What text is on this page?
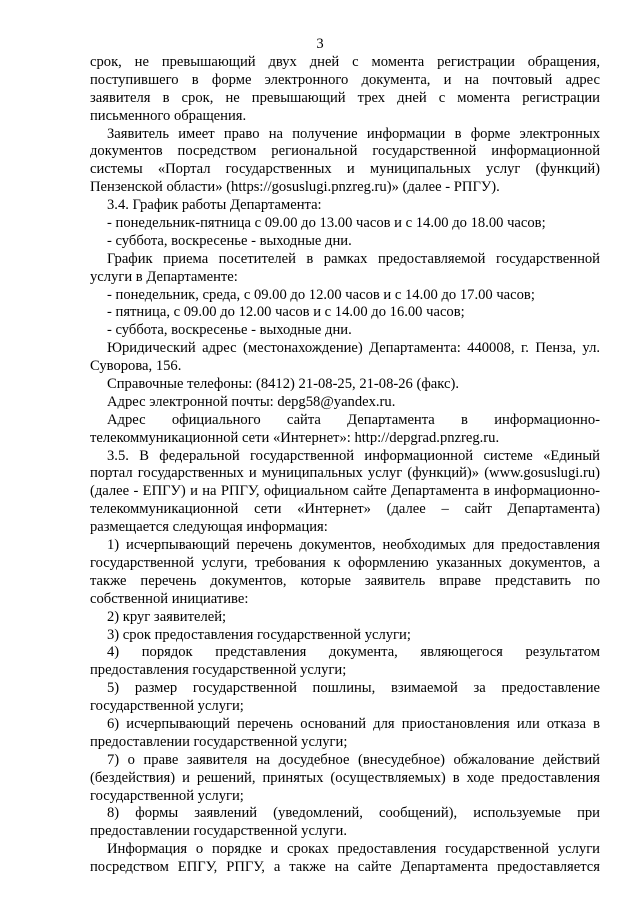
3
срок, не превышающий двух дней с момента регистрации обращения,
поступившего в форме электронного документа, и на почтовый адрес
заявителя в срок, не превышающий трех дней с момента регистрации
письменного обращения.
Заявитель имеет право на получение информации в форме электронных
документов посредством региональной государственной информационной
системы «Портал государственных и муниципальных услуг (функций)
Пензенской области» (https://gosuslugi.pnzreg.ru)» (далее - РПГУ).
3.4. График работы Департамента:
- понедельник-пятница с 09.00 до 13.00 часов и с 14.00 до 18.00 часов;
- суббота, воскресенье - выходные дни.
График приема посетителей в рамках предоставляемой государственной
услуги в Департаменте:
- понедельник, среда, с 09.00 до 12.00 часов и с 14.00 до 17.00 часов;
- пятница, с 09.00 до 12.00 часов и с 14.00 до 16.00 часов;
- суббота, воскресенье - выходные дни.
Юридический адрес (местонахождение) Департамента: 440008, г. Пенза, ул.
Суворова, 156.
Справочные телефоны: (8412) 21-08-25, 21-08-26 (факс).
Адрес электронной почты: depg58@yandex.ru.
Адрес официального сайта Департамента в информационно-
телекоммуникационной сети «Интернет»: http://depgrad.pnzreg.ru.
3.5. В федеральной государственной информационной системе «Единый
портал государственных и муниципальных услуг (функций)» (www.gosuslugi.ru)
(далее - ЕПГУ) и на РПГУ, официальном сайте Департамента в информационно-
телекоммуникационной сети «Интернет» (далее – сайт Департамента)
размещается следующая информация:
1) исчерпывающий перечень документов, необходимых для предоставления
государственной услуги, требования к оформлению указанных документов, а
также перечень документов, которые заявитель вправе представить по
собственной инициативе:
2) круг заявителей;
3) срок предоставления государственной услуги;
4) порядок представления документа, являющегося результатом
предоставления государственной услуги;
5) размер государственной пошлины, взимаемой за предоставление
государственной услуги;
6) исчерпывающий перечень оснований для приостановления или отказа в
предоставлении государственной услуги;
7) о праве заявителя на досудебное (внесудебное) обжалование действий
(бездействия) и решений, принятых (осуществляемых) в ходе предоставления
государственной услуги;
8) формы заявлений (уведомлений, сообщений), используемые при
предоставлении государственной услуги.
Информация о порядке и сроках предоставления государственной услуги
посредством ЕПГУ, РПГУ, а также на сайте Департамента предоставляется
